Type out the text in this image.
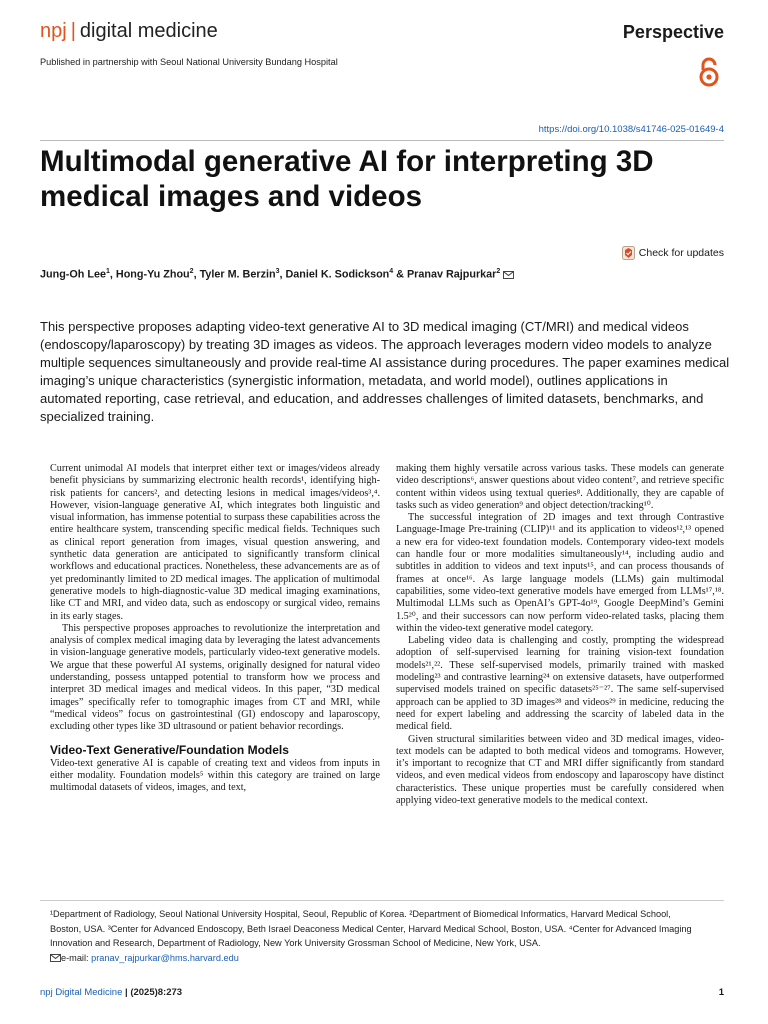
npj | digital medicine	Perspective
Published in partnership with Seoul National University Bundang Hospital
https://doi.org/10.1038/s41746-025-01649-4
Multimodal generative AI for interpreting 3D medical images and videos
Check for updates
Jung-Oh Lee$^1$, Hong-Yu Zhou$^2$, Tyler M. Berzin$^3$, Daniel K. Sodickson$^4$ & Pranav Rajpurkar$^2$

This perspective proposes adapting video-text generative AI to 3D medical imaging (CT/MRI) and medical videos (endoscopy/laparoscopy) by treating 3D images as videos. The approach leverages modern video models to analyze multiple sequences simultaneously and provide real-time AI assistance during procedures. The paper examines medical imaging’s unique characteristics (synergistic information, metadata, and world model), outlines applications in automated reporting, case retrieval, and education, and addresses challenges of limited datasets, benchmarks, and specialized training.

Current unimodal AI models that interpret either text or images/videos already benefit physicians by summarizing electronic health records¹, identifying high-risk patients for cancers², and detecting lesions in medical images/videos³,⁴. However, vision-language generative AI, which integrates both linguistic and visual information, has immense potential to surpass these capabilities across the entire healthcare system, transcending specific medical fields. Techniques such as clinical report generation from images, visual question answering, and synthetic data generation are anticipated to significantly transform clinical workflows and educational practices. Nonetheless, these advancements are as of yet predominantly limited to 2D medical images. The application of multimodal generative models to high-diagnostic-value 3D medical imaging examinations, like CT and MRI, and video data, such as endoscopy or surgical video, remains in its early stages.

This perspective proposes approaches to revolutionize the interpretation and analysis of complex medical imaging data by leveraging the latest advancements in vision-language generative models, particularly video-text generative models. We argue that these powerful AI systems, originally designed for natural video understanding, possess untapped potential to transform how we process and interpret 3D medical images and medical videos. In this paper, “3D medical images” specifically refer to tomographic images from CT and MRI, while “medical videos” focus on gastrointestinal (GI) endoscopy and laparoscopy, excluding other types like 3D ultrasound or patient behavior recordings.

Video-Text Generative/Foundation Models

Video-text generative AI is capable of creating text and videos from inputs in either modality. Foundation models⁵ within this category are trained on large multimodal datasets of videos, images, and text,

making them highly versatile across various tasks. These models can generate video descriptions⁶, answer questions about video content⁷, and retrieve specific content within videos using textual queries⁸. Additionally, they are capable of tasks such as video generation⁹ and object detection/tracking¹⁰.

The successful integration of 2D images and text through Contrastive Language-Image Pre-training (CLIP)¹¹ and its application to videos¹²,¹³ opened a new era for video-text foundation models. Contemporary video-text models can handle four or more modalities simultaneously¹⁴, including audio and subtitles in addition to videos and text inputs¹⁵, and can process thousands of frames at once¹⁶. As large language models (LLMs) gain multimodal capabilities, some video-text generative models have emerged from LLMs¹⁷,¹⁸. Multimodal LLMs such as OpenAI’s GPT-4o¹⁹, Google DeepMind’s Gemini 1.5²⁰, and their successors can now perform video-related tasks, placing them within the video-text generative model category.

Labeling video data is challenging and costly, prompting the widespread adoption of self-supervised learning for training vision-text foundation models²¹,²². These self-supervised models, primarily trained with masked modeling²³ and contrastive learning²⁴ on extensive datasets, have outperformed supervised models trained on specific datasets²⁵⁻²⁷. The same self-supervised approach can be applied to 3D images²⁸ and videos²⁹ in medicine, reducing the need for expert labeling and addressing the scarcity of labeled data in the medical field.

Given structural similarities between video and 3D medical images, video-text models can be adapted to both medical videos and tomograms. However, it’s important to recognize that CT and MRI differ significantly from standard videos, and even medical videos from endoscopy and laparoscopy have distinct characteristics. These unique properties must be carefully considered when applying video-text generative models to the medical context.

¹Department of Radiology, Seoul National University Hospital, Seoul, Republic of Korea. ²Department of Biomedical Informatics, Harvard Medical School,
Boston, USA. ³Center for Advanced Endoscopy, Beth Israel Deaconess Medical Center, Harvard Medical School, Boston, USA. ⁴Center for Advanced Imaging
Innovation and Research, Department of Radiology, New York University Grossman School of Medicine, New York, USA.
e-mail: pranav_rajpurkar@hms.harvard.edu
npj Digital Medicine | (2025)8:273	1
